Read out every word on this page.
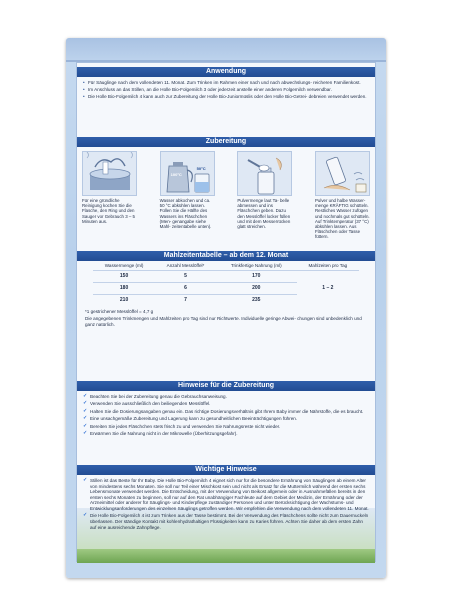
Anwendung
• Für Säuglinge nach dem vollendeten 11. Monat. Zum Trinken im Rahmen einer nach und nach abwechslungs- reicheren Familienkost.
• Im Anschluss an das Stillen, an die Holle Bio-Folgemilch 3 oder jederzeit anstelle einer anderen Folgemilch verwendbar.
• Die Holle Bio-Folgemilch 4 kann auch zur Zubereitung der Holle Bio-Juniormüslis oder den Holle Bio-Getrei- debreien verwendet werden.
Zubereitung
Für eine gründliche Reinigung kochen Sie die Flasche, den Ring und den Sauger vor Gebrauch 3 – 5 Minuten aus.
100°C
50°C
Wasser abkochen und ca. 50 °C abkühlen lassen. Füllen Sie die Hälfte des Wassers ins Fläschchen (Men- genangabe siehe Mahl- zeitentabelle unten).
Pulvermenge laut Ta- belle abmessen und ins Fläschchen geben. Dazu den Messlöffel locker füllen und mit dem Messerrücken glatt streichen.
Pulver und halbe Wasser- menge KRÄFTIG schütteln. Restliches Wasser zufügen und nochmals gut schütteln. Auf Trinktemperatur (37 °C) abkühlen lassen. Aus Fläschchen oder Tasse füttern.
Mahlzeitentabelle – ab dem 12. Monat
Wassermenge (ml)	Anzahl Messlöffel*	Trinkfertige Nahrung (ml)	Mahlzeiten pro Tag
150	5	170	1 – 2
180	6	200	
210	7	235	
*1 gestrichener Messlöffel = 4,7 g
Die angegebenen Trinkmengen und Mahlzeiten pro Tag sind nur Richtwerte. Individuelle geringe Abwei- chungen sind unbedenklich und ganz natürlich.
Hinweise für die Zubereitung
✓ Beachten Sie bei der Zubereitung genau die Gebrauchsanweisung.
✓ Verwenden Sie ausschließlich den beiliegenden Messlöffel.
✓ Halten Sie die Dosierungsangaben genau ein. Das richtige Dosierungsverhältnis gibt Ihrem Baby immer die Nährstoffe, die es braucht.
✓ Eine unsachgemäße Zubereitung und Lagerung kann zu gesundheitlichen Beeinträchtigungen führen.
✓ Bereiten Sie jedes Fläschchen stets frisch zu und verwenden Sie Nahrungsreste nicht wieder.
✓ Erwärmen Sie die Nahrung nicht in der Mikrowelle (Überhitzungsgefahr).
Wichtige Hinweise
✓ Stillen ist das Beste für Ihr Baby. Die Holle Bio-Folgemilch 4 eignet sich nur für die besondere Ernährung von Säuglingen ab einem Alter von mindestens sechs Monaten. Sie soll nur Teil einer Mischkost sein und nicht als Ersatz für die Muttermilch während der ersten sechs Lebensmonate verwendet werden. Die Entscheidung, mit der Verwendung von Beikost allgemein oder in Ausnahmefällen bereits in den ersten sechs Monaten zu beginnen, soll nur auf den Rat unabhängiger Fachleute auf dem Gebiet der Medizin, der Ernährung oder der Arzneimittel oder anderer für Säuglings- und Kinderpflege zuständiger Personen und unter Berücksichtigung der Wachstums- und Entwicklungsanforderungen des einzelnen Säuglings getroffen werden. Wir empfehlen die Verwendung nach dem vollendeten 11. Monat.
✓ Die Holle Bio-Folgemilch 4 ist zum Trinken aus der Tasse bestimmt. Bei der Verwendung des Fläschchens sollte nicht zum Dauernuckeln überlassen. Der ständige Kontakt mit kohlenhydrathaltigen Flüssigkeiten kann zu Karies führen. Achten Sie daher ab dem ersten Zahn auf eine ausreichende Zahnpflege.
